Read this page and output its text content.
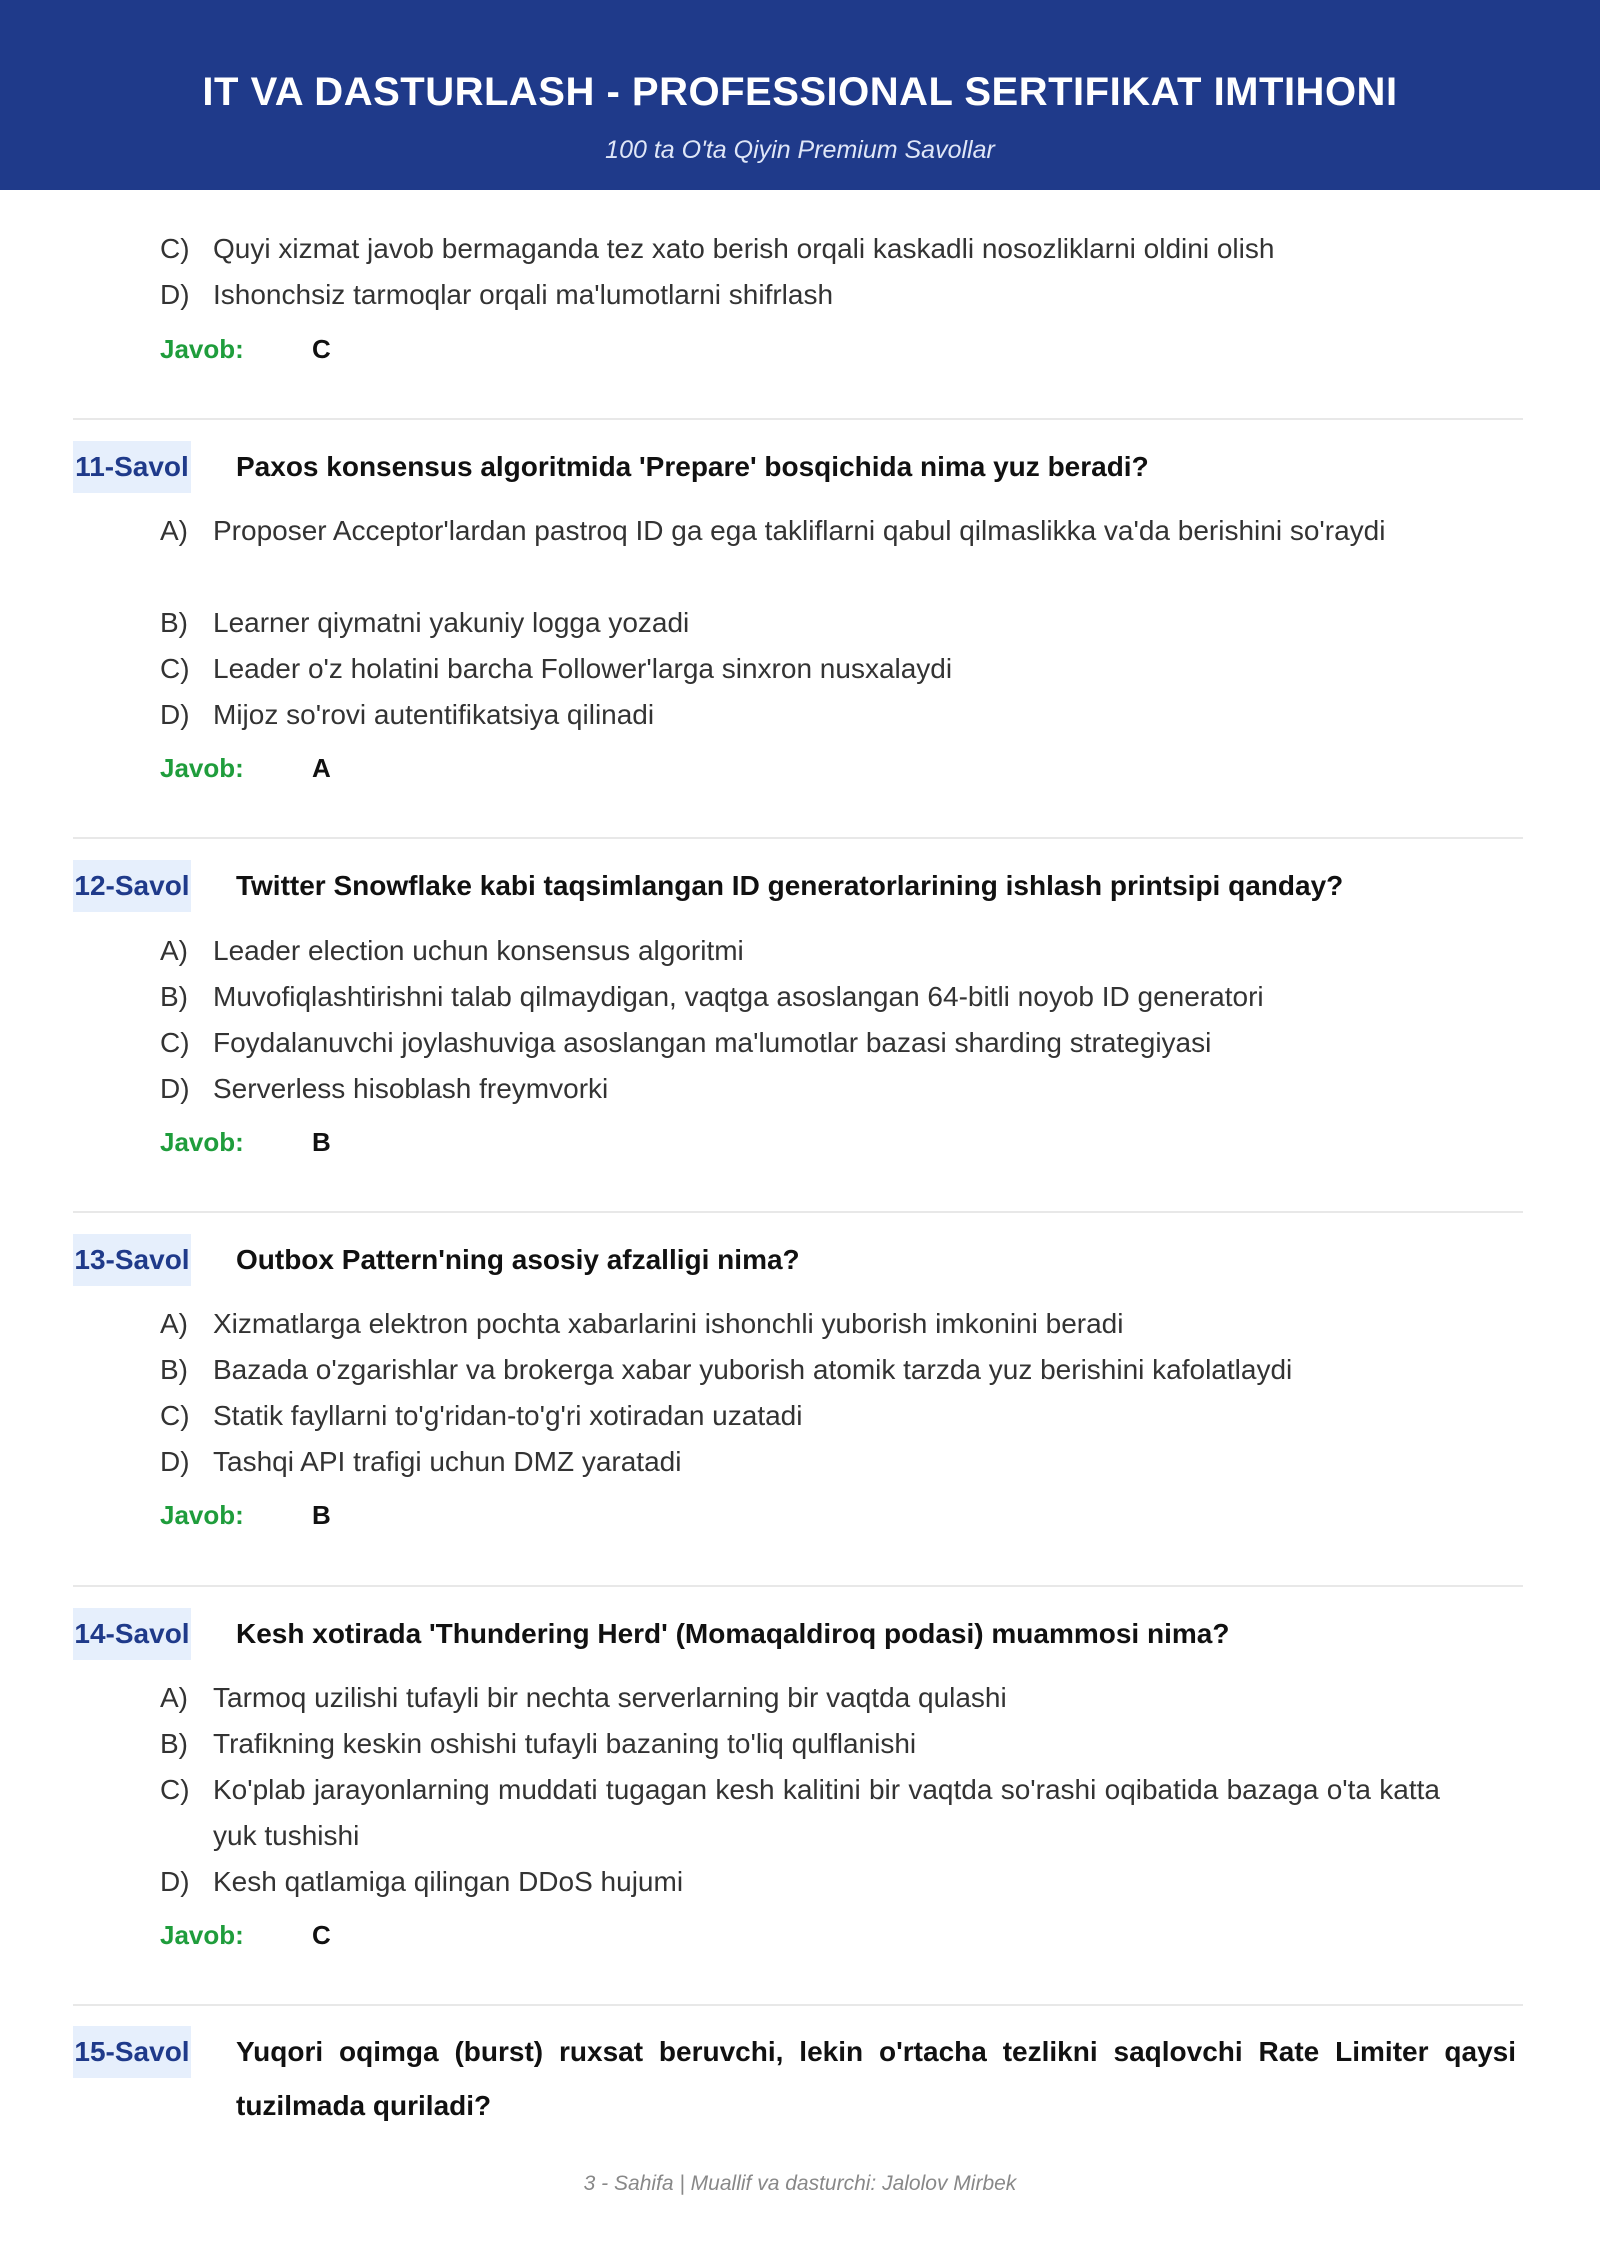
IT VA DASTURLASH - PROFESSIONAL SERTIFIKAT IMTIHONI
100 ta O'ta Qiyin Premium Savollar
C) Quyi xizmat javob bermaganda tez xato berish orqali kaskadli nosozliklarni oldini olish
D) Ishonchsiz tarmoqlar orqali ma'lumotlarni shifrlash
Javob:	C
11-Savol Paxos konsensus algoritmida 'Prepare' bosqichida nima yuz beradi?
A) Proposer Acceptor'lardan pastroq ID ga ega takliflarni qabul qilmaslikka va'da berishini so'raydi
B) Learner qiymatni yakuniy logga yozadi
C) Leader o'z holatini barcha Follower'larga sinxron nusxalaydi
D) Mijoz so'rovi autentifikatsiya qilinadi
Javob:	A
12-Savol Twitter Snowflake kabi taqsimlangan ID generatorlarining ishlash printsipi qanday?
A) Leader election uchun konsensus algoritmi
B) Muvofiqlashtirishni talab qilmaydigan, vaqtga asoslangan 64-bitli noyob ID generatori
C) Foydalanuvchi joylashuviga asoslangan ma'lumotlar bazasi sharding strategiyasi
D) Serverless hisoblash freymvorki
Javob:	B
13-Savol Outbox Pattern'ning asosiy afzalligi nima?
A) Xizmatlarga elektron pochta xabarlarini ishonchli yuborish imkonini beradi
B) Bazada o'zgarishlar va brokerga xabar yuborish atomik tarzda yuz berishini kafolatlaydi
C) Statik fayllarni to'g'ridan-to'g'ri xotiradan uzatadi
D) Tashqi API trafigi uchun DMZ yaratadi
Javob:	B
14-Savol Kesh xotirada 'Thundering Herd' (Momaqaldiroq podasi) muammosi nima?
A) Tarmoq uzilishi tufayli bir nechta serverlarning bir vaqtda qulashi
B) Trafikning keskin oshishi tufayli bazaning to'liq qulflanishi
C) Ko'plab jarayonlarning muddati tugagan kesh kalitini bir vaqtda so'rashi oqibatida bazaga o'ta katta yuk tushishi
D) Kesh qatlamiga qilingan DDoS hujumi
Javob:	C
15-Savol Yuqori oqimga (burst) ruxsat beruvchi, lekin o'rtacha tezlikni saqlovchi Rate Limiter qaysi tuzilmada quriladi?
3 - Sahifa | Muallif va dasturchi: Jalolov Mirbek
